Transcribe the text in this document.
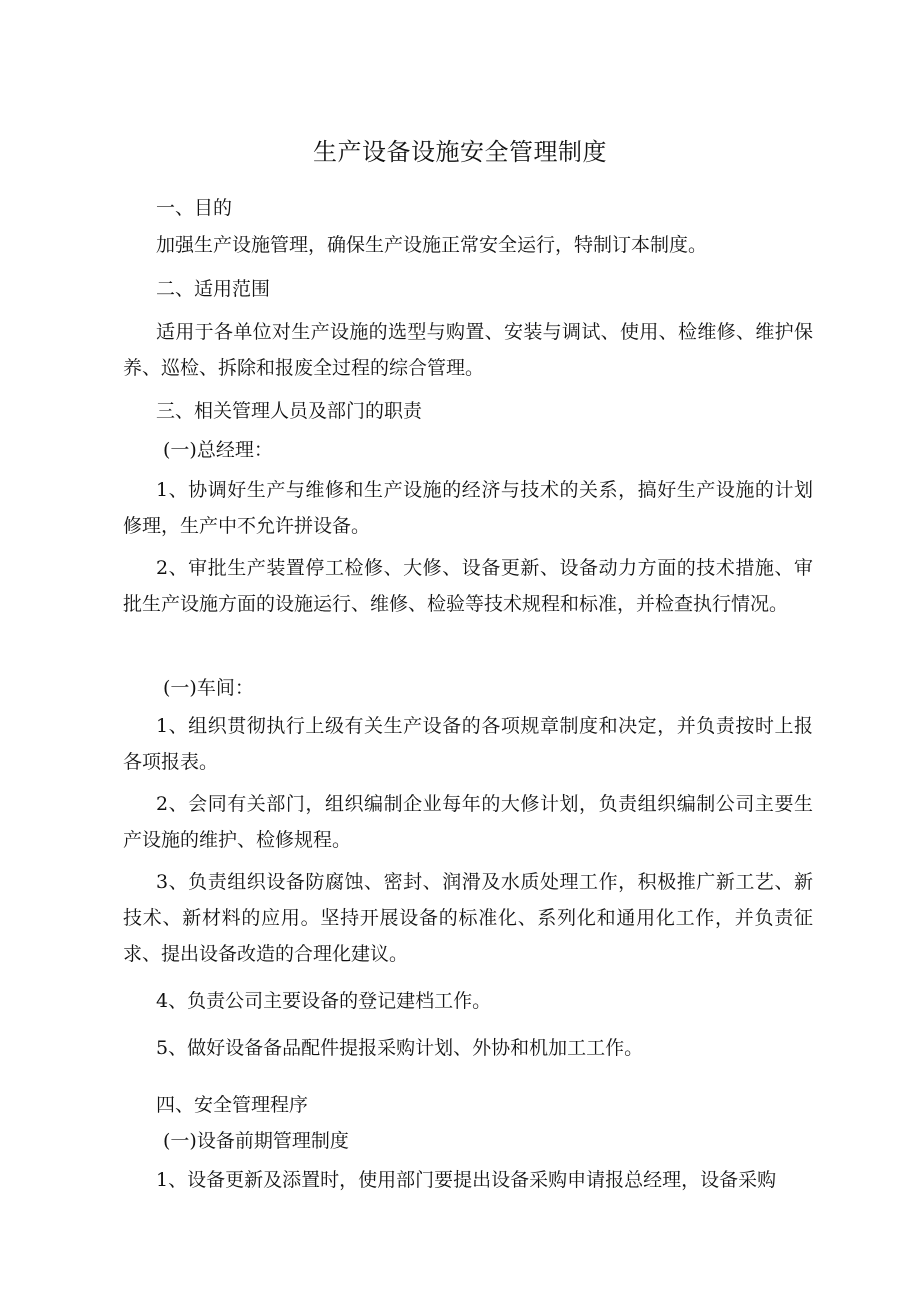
生产设备设施安全管理制度

一、目的

加强生产设施管理，确保生产设施正常安全运行，特制订本制度。

二、适用范围

适用于各单位对生产设施的选型与购置、安装与调试、使用、检维修、维护保养、巡检、拆除和报废全过程的综合管理。

三、相关管理人员及部门的职责

(一)总经理：

1、协调好生产与维修和生产设施的经济与技术的关系，搞好生产设施的计划修理，生产中不允许拼设备。

2、审批生产装置停工检修、大修、设备更新、设备动力方面的技术措施、审批生产设施方面的设施运行、维修、检验等技术规程和标准，并检查执行情况。

(一)车间：

1、组织贯彻执行上级有关生产设备的各项规章制度和决定，并负责按时上报各项报表。

2、会同有关部门，组织编制企业每年的大修计划，负责组织编制公司主要生产设施的维护、检修规程。

3、负责组织设备防腐蚀、密封、润滑及水质处理工作，积极推广新工艺、新技术、新材料的应用。坚持开展设备的标准化、系列化和通用化工作，并负责征求、提出设备改造的合理化建议。

4、负责公司主要设备的登记建档工作。

5、做好设备备品配件提报采购计划、外协和机加工工作。

四、安全管理程序

(一)设备前期管理制度

1、设备更新及添置时，使用部门要提出设备采购申请报总经理，设备采购
